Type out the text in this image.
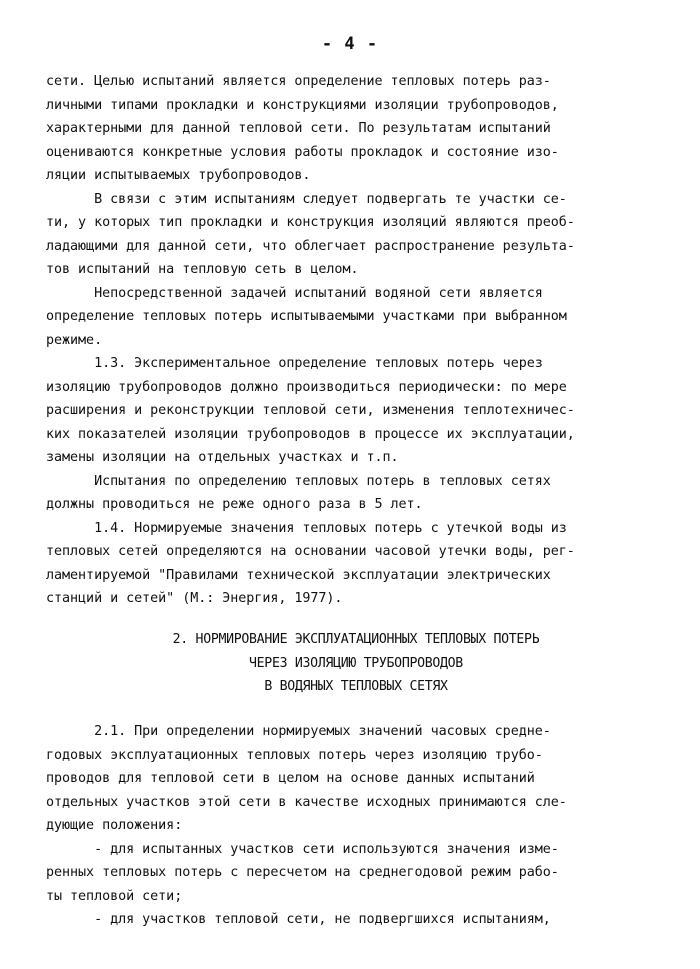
- 4 -
сети. Целью испытаний является определение тепловых потерь раз-
личными типами прокладки и конструкциями изоляции трубопроводов,
характерными для данной тепловой сети. По результатам испытаний
оцениваются конкретные условия работы прокладок и состояние изо-
ляции испытываемых трубопроводов.
В связи с этим испытаниям следует подвергать те участки се-
ти, у которых тип прокладки и конструкция изоляций являются преоб-
ладающими для данной сети, что облегчает распространение результа-
тов испытаний на тепловую сеть в целом.
Непосредственной задачей испытаний водяной сети является
определение тепловых потерь испытываемыми участками при выбранном
режиме.
1.3. Экспериментальное определение тепловых потерь через
изоляцию трубопроводов должно производиться периодически: по мере
расширения и реконструкции тепловой сети, изменения теплотехничес-
ких показателей изоляции трубопроводов в процессе их эксплуатации,
замены изоляции на отдельных участках и т.п.
Испытания по определению тепловых потерь в тепловых сетях
должны проводиться не реже одного раза в 5 лет.
1.4. Нормируемые значения тепловых потерь с утечкой воды из
тепловых сетей определяются на основании часовой утечки воды, рег-
ламентируемой "Правилами технической эксплуатации электрических
станций и сетей" (М.: Энергия, 1977).
2. НОРМИРОВАНИЕ ЭКСПЛУАТАЦИОННЫХ ТЕПЛОВЫХ ПОТЕРЬ
ЧЕРЕЗ ИЗОЛЯЦИЮ ТРУБОПРОВОДОВ
В ВОДЯНЫХ ТЕПЛОВЫХ СЕТЯХ
2.1. При определении нормируемых значений часовых средне-
годовых эксплуатационных тепловых потерь через изоляцию трубо-
проводов для тепловой сети в целом на основе данных испытаний
отдельных участков этой сети в качестве исходных принимаются сле-
дующие положения:
- для испытанных участков сети используются значения изме-
ренных тепловых потерь с пересчетом на среднегодовой режим рабо-
ты тепловой сети;
- для участков тепловой сети, не подвергшихся испытаниям,
